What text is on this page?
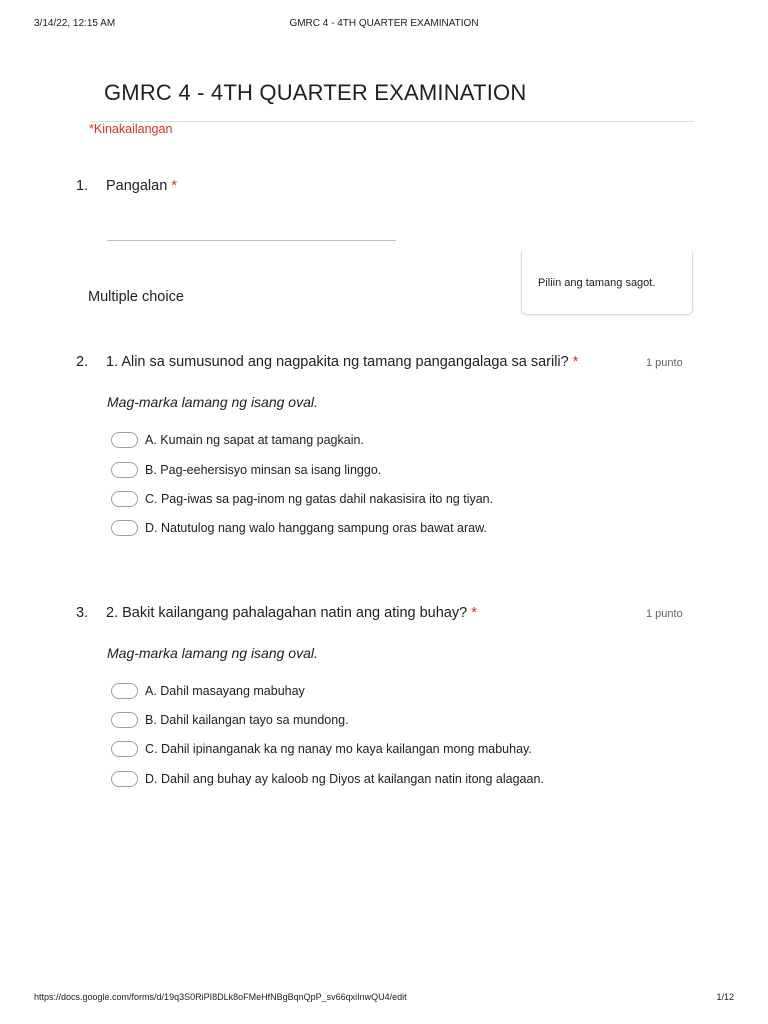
3/14/22, 12:15 AM	GMRC 4 - 4TH QUARTER EXAMINATION
GMRC 4 - 4TH QUARTER EXAMINATION
*Kinakailangan
1. Pangalan *
Piliin ang tamang sagot.
Multiple choice
2. 1. Alin sa sumusunod ang nagpakita ng tamang pangangalaga sa sarili? *	1 punto
Mag-marka lamang ng isang oval.
A. Kumain ng sapat at tamang pagkain.
B. Pag-eehersisyo minsan sa isang linggo.
C. Pag-iwas sa pag-inom ng gatas dahil nakasisira ito ng tiyan.
D. Natutulog nang walo hanggang sampung oras bawat araw.
3. 2. Bakit kailangang pahalagahan natin ang ating buhay? *	1 punto
Mag-marka lamang ng isang oval.
A. Dahil masayang mabuhay
B. Dahil kailangan tayo sa mundong.
C. Dahil ipinanganak ka ng nanay mo kaya kailangan mong mabuhay.
D. Dahil ang buhay ay kaloob ng Diyos at kailangan natin itong alagaan.
https://docs.google.com/forms/d/19q3S0RiPI8DLk8oFMeHfNBgBqnQpP_sv66qxiInwQU4/edit	1/12
